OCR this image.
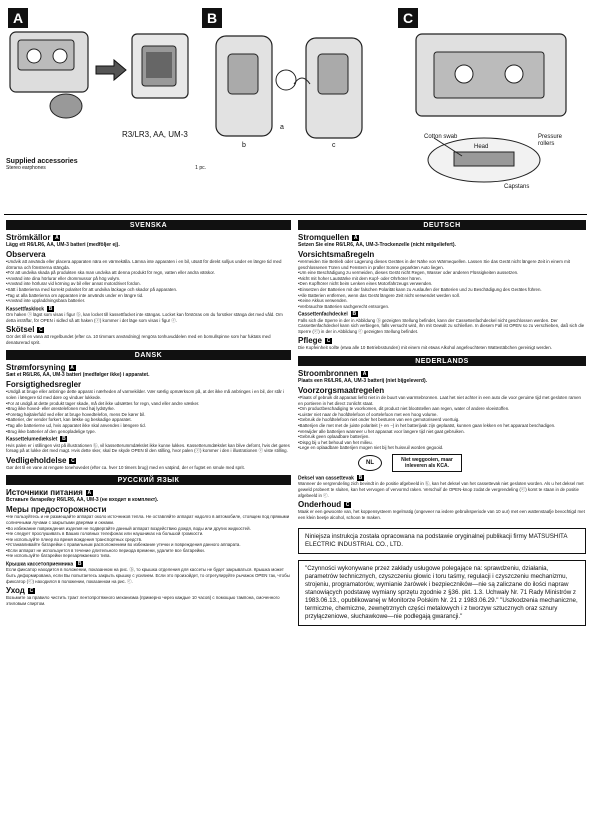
A
R3/LR3, AA, UM-3
B
a
b	c
C
Cotton swab	Pressure rollers
Head
Capstans
Supplied accessories
Stereo earphones	1 pc.
SVENSKA
Strömkällor A
Lägg ett R6/LR6, AA, UM-3 batteri (medföljer ej).
Observera
•Undvik att använda eller placera apparaten nära en värmekälla. Lämna inte apparaten i en bil, utsatt för direkt solljus under en längre tid med dörrarna och fönstrerna stängda.
•För att undvika skada på produkten ska man undvika att denna produkt för regn, vatten eller andra vätskor.
•Använd inte dina hörlurar eller drommussor på hög volym.
•Använd inte hörlurar vid körning av bil eller annat motordrivet fordon.
•Sätt i batterierna med korrekt polaritet för att undvika läckage och skador på apparaten.
•Tag ut alla batterierna om apparaten inte används under en längre tid.
•Använd inte uppladdningsbara batterier.
Kassettfasklock B
Om haken ⓐ lägst som visas i figur ⓑ, kan locket till kassettfacket inte stängas. Locket kan förstöras om du forsöker stänga det med våld. Om detta inträffar, för OPEN i sidled så att haken (ⓒ) kommer i det läge som visas i figur ⓒ.
Skötsel C
Gör det till en vana att regelbundet (efter ca. 10 timmars användning) rengöra tonhuvuddelen med en bomullspinne som har fuktats med denaturerad sprit.
DANSK
Strømforsyning A
Sæt et R6/LR6, AA, UM-3 batteri (medfølger ikke) i apparatet.
Forsigtighedsregler
•Undgå at bruge eller anbringe dette apparat i nærheden af varmekilder. Vær særlig opmærksom på, at det ikke må anbringes i en bil, der står i solen i længere tid med døre og vinduer lukkede.
•For at undgå at dette produkt tager skade, må det ikke udsættes for regn, vand eller andre væsker.
•Brug ikke hoved- eller ørestelefonen med høj lydstyrke.
•Foretag højtalerfuld ved eller at bruge hovedtelefon, mens De kører bil.
•Batterier, der vender forkert, kan lække og beskadige apparatet.
•Tag alle batterierne ud, hvis apparatet ikke skal anvendes i længere tid.
•Brug ikke batterier af den genopladelige type.
Kassettelumedækslet B
Hvis palen er i stillingen vist på illustrationen ⓑ, vil kassetterummdækslet ikke kunne lukkes. Kassetterumdækslet kan blive defomt, hvis det gøres forsøg på at lukke det med magt. Hvis dette sker, skal De skyde OPEN til den stilling, hvor palen (ⓒ) kommer i den i illustrationen ⓒ viste stilling.
Vedligeholdelse C
Gør det til en vane at rengøre tonehovedet (efter ca. hver 10 timers brug) med en vatpind, der er fugtet en smule med sprit.
РУССКИЙ ЯЗЫК
Источники питания A
Вставьте батарейку R6/LR6, AA, UM-3 (не входит в комплект).
Меры предосторожности
•Не пользуйтесь и не размещайте аппарат около источников тепла. Не оставляйте аппарат надолго в автомобиле, стоящем под прямыми солнечными лучами с закрытыми дверями и окнами.
•Во избежание повреждения изделия не подвергайте данный аппарат воздействию дождя, воды или других жидкостей.
•Не следует прослушивать в Ваших головных телефонах или наушниках на большой громкости.
•Не используйте плеер во время вождения транспортных средств.
•Устанавливайте батарейки с правильным расположением во избежание утечки и повреждения данного аппарата.
•Если аппарат не используется в течение длительного периода времени, удалите все батарейки.
•Не используйте батарейки перезаряжаемого типа.
Крышка кассетоприемника B
Если фиксатор находится в положении, показанном на рис. ⓑ, то крышка отделения для кассеты не будет закрываться. Крышка может быть деформирована, если Вы попытаетесь закрыть крышку с усилием. Если это произойдет, то отрегулируйте рычажок OPEN так, чтобы фиксатор (ⓒ) находился в положении, показанном на рис. ⓒ.
Уход C
Возьмите за правило чистить тракт лентопротяжного механизма (примерно через каждые 10 часов) с помощью тампона, смоченного этиловым спиртом.
DEUTSCH
Stromquellen A
Setzen Sie eine R6/LR6, AA, UM-3-Trockenzelle (nicht mitgeliefert).
Vorsichtsmaßregeln
•Vermeiden Sie Betrieb oder Lagerung dieses Gerätes in der Nähe von Wärmequellen. Lassen Sie das Gerät nicht längere Zeit in einem mit geschlossenen Türen und Fenstern in praller Sonne geparkten Auto liegen.
•Um eine Beschädigung zu vermeiden, dieses Gerät nicht Regen, Wasser oder anderen Flüssigkeiten aussetzen.
•Nicht mit hoher Lautstärke mit dem Kopf- oder Ohrhörer hören.
•Den Kopfhörer nicht beim Lenken eines Motorfahrzeugs verwenden.
•Einsetzen der Batterien mit der falschen Polarität kann zu Auslaufen der Batterien und zu Beschädigung des Gerätes führen.
•Alle Batterien entfernen, wenn das Gerät längere Zeit nicht verwendet werden soll.
•Keine Akkus verwenden.
•Verbrauchte Batterien sachgerecht entsorgen.
Cassettenfachdeckel B
Falls sich die Sperre in der in Abbildung ⓑ gezeigten Stellung befindet, kann der Cassettenfachdeckel nicht geschlossen werden. Der Cassettenfachdeckel kann sich verbiegen, falls versucht wird, ihn mit Gewalt zu schließen. In diesem Fall ist OPEN so zu verschieben, daß sich die Sperre (ⓒ) in der in Abbildung ⓒ gezeigten Stellung befindet.
Pflege C
Die Kopfeinheit sollte (etwa alle 10 Betriebsstunden) mit einem mit etwas Alkohol angefeuchteten Wattestäbchen gereinigt werden.
NEDERLANDS
Stroombronnen A
Plaats een R6/LR6, AA, UM-3 batterij (niet bijgeleverd).
Voorzorgsmaatregelen
•Plaats of gebruik dit apparaat liefst niet in de buurt van warmtebronnen. Laat het niet achter in een auto die voor geruime tijd met gesloten ramen en portieren in het direct zonlicht staat.
•Om productbeschadiging te voorkomen, dit product niet blootstellen aan regen, water of andere vloeistoffen.
•Luister niet naar de hoofdtelefoon of oortelefoon met een hoog volume.
•Gebruik de hoofdtelefoon niet onder het besturen van een gemotoriseerd voertuig.
•Batterijen die met met de juiste polariteit (+ en −) in het batterijvak zijn geplaatst, kunnen gaan lekken en het apparaat beschadigen.
•Verwijder alle batterijen wanneer u het apparaat voor langere tijd niet gaat gebruiken.
•Gebruik geen oplaadbare batterijen.
•Dispg bij u het behoud van het milieu.
•Lege en oplaadbare batterijen mogen niet bij het huisvuil worden gegooid.
NL	Niet weggooien, maar inleveren als KCA.
Deksel van cassettevak B
Wanneer de vergrendeling zich bevindt in de positie afgebeeld in ⓑ, kan het deksel van het cassettevak niet gesloten worden. Als u het deksel met geweld probeert te sluiten, kan het vervogen of vervormd raken. Verschuif de OPEN-knop zodat de vergrendeling (ⓒ) komt te staan in de positie afgebeeld in ⓒ.
Onderhoud C
Maak er een gewoonte van, het koppensysteem regelmatig (ongeveer na iedere gebruiksperiode van 10 uur) met een wattenstaafje bevochtigd met een klein beetje alcohol, schoon te maken.
Niniejsza instrukcja została opracowana na podstawie oryginalnej publikacji firmy MATSUSHITA ELECTRIC INDUSTRIAL CO., LTD.
"Czynności wykonywane przez zakłady usługowe polegające na: sprawdzeniu, działania, parametrów technicznych, czyszczeniu głowic i toru taśmy, regulacji i czyszczeniu mechanizmu, strojeniu, programatorów, wymianie żarówek i bezpieczników—nie są zaliczane do ilości napraw stanowiących podstawę wymiany sprzętu zgodnie z §36. pkt. 1.3. Uchwały Nr. 71 Rady Ministrów z 1983.06.13., opublikowanej w Monitorze Polskim Nr. 21 z 1983.06.29." "Uszkodzenia mechaniczne, termiczne, chemiczne, zewnętrznych części metalowych i z tworzyw sztucznych oraz sznury przyłączeniowe, słuchawkowe—nie podlegają gwarancji."
